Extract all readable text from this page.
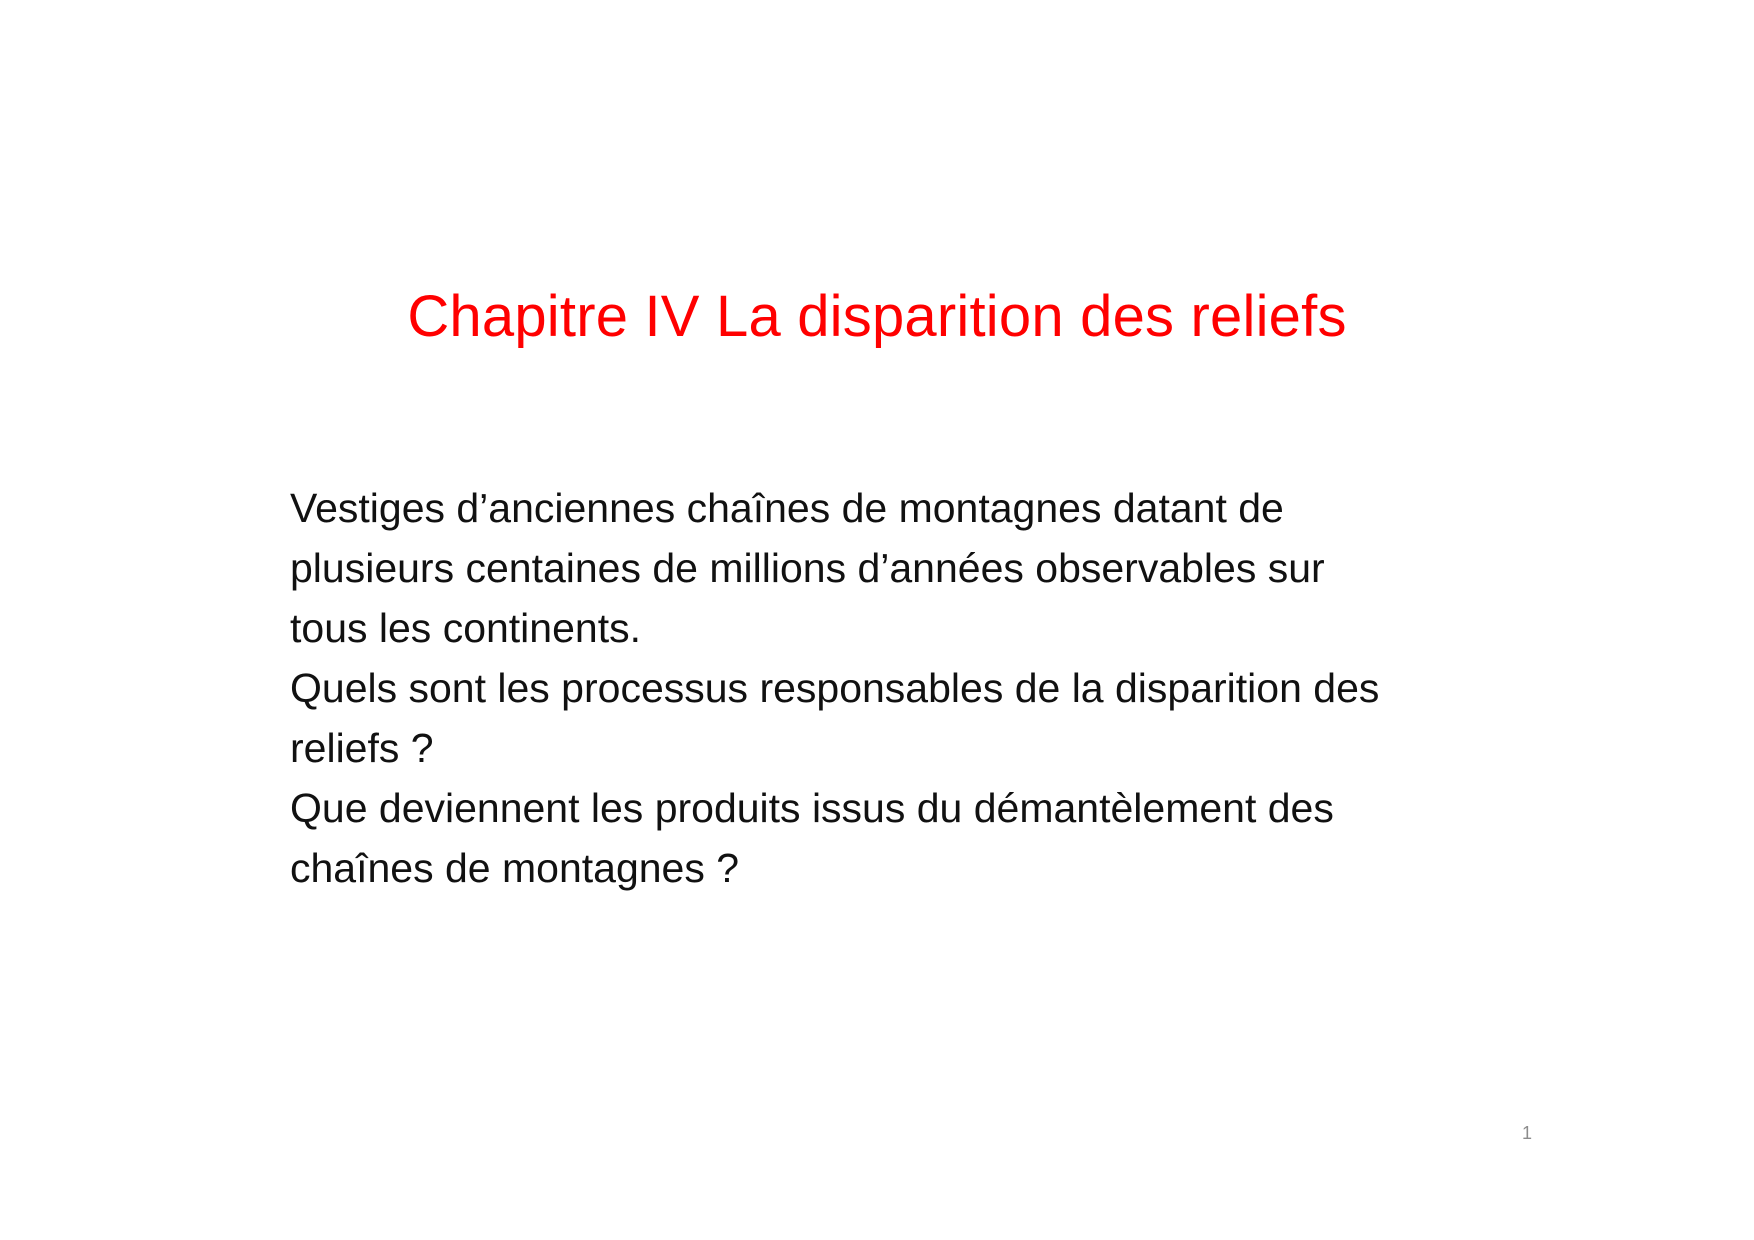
Chapitre IV La disparition des reliefs
Vestiges d’anciennes chaînes de montagnes datant de
plusieurs centaines de millions d’années observables sur
tous les continents.
Quels sont les processus responsables de la disparition des
reliefs ?
Que deviennent les produits issus du démantèlement des
chaînes de montagnes ?
1
